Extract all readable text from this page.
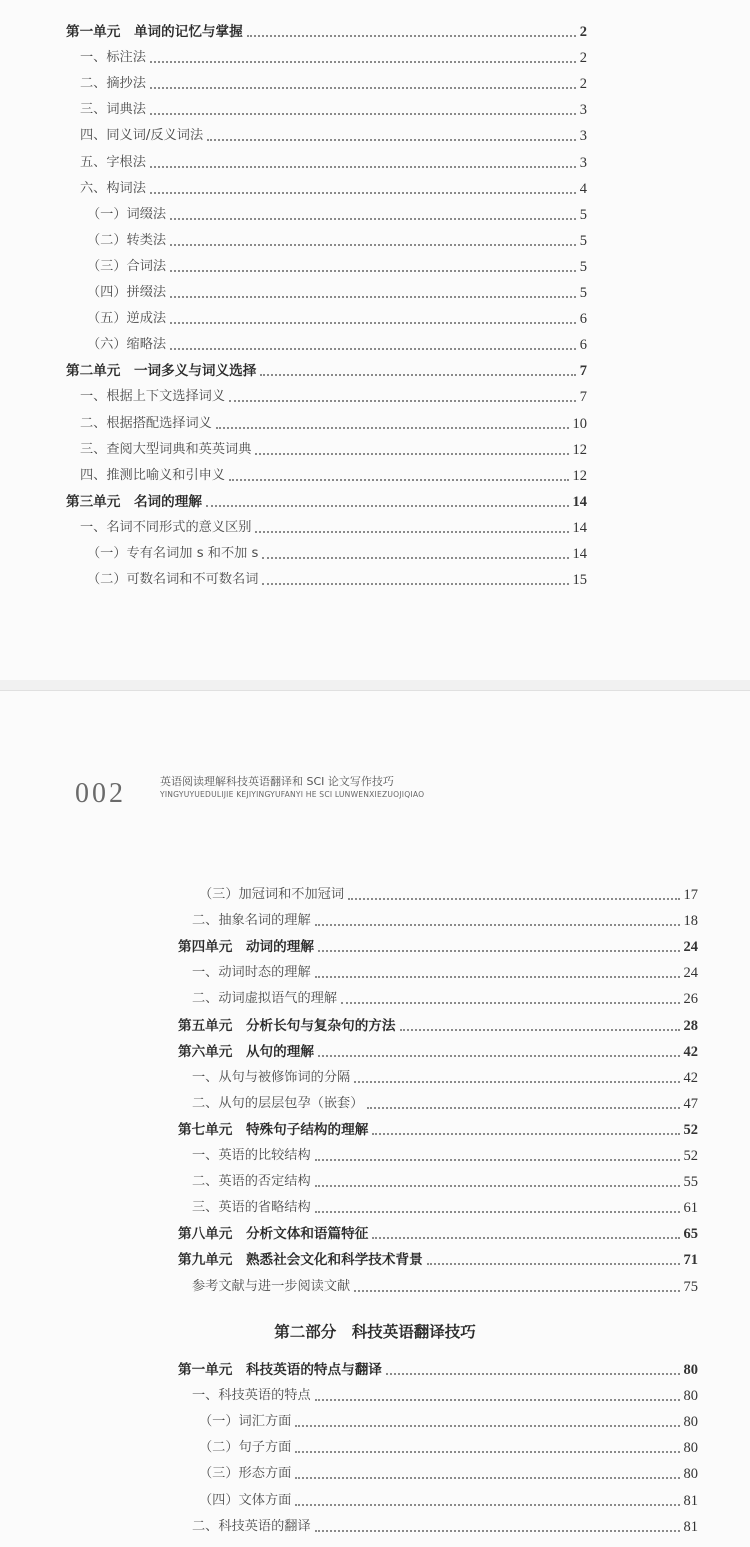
第一单元　单词的记忆与掌握	2
一、标注法	2
二、摘抄法	2
三、词典法	3
四、同义词/反义词法	3
五、字根法	3
六、构词法	4
（一）词缀法	5
（二）转类法	5
（三）合词法	5
（四）拼缀法	5
（五）逆成法	6
（六）缩略法	6
第二单元　一词多义与词义选择	7
一、根据上下文选择词义	7
二、根据搭配选择词义	10
三、查阅大型词典和英英词典	12
四、推测比喻义和引申义	12
第三单元　名词的理解	14
一、名词不同形式的意义区别	14
（一）专有名词加 s 和不加 s	14
（二）可数名词和不可数名词	15
002	英语阅读理解科技英语翻译和 SCI 论文写作技巧
YINGYUYUEDULIJIE KEJIYINGYUFANYI HE SCI LUNWENXIEZUOJIQIAO
（三）加冠词和不加冠词	17
二、抽象名词的理解	18
第四单元　动词的理解	24
一、动词时态的理解	24
二、动词虚拟语气的理解	26
第五单元　分析长句与复杂句的方法	28
第六单元　从句的理解	42
一、从句与被修饰词的分隔	42
二、从句的层层包孕（嵌套）	47
第七单元　特殊句子结构的理解	52
一、英语的比较结构	52
二、英语的否定结构	55
三、英语的省略结构	61
第八单元　分析文体和语篇特征	65
第九单元　熟悉社会文化和科学技术背景	71
参考文献与进一步阅读文献	75
第二部分　科技英语翻译技巧
第一单元　科技英语的特点与翻译	80
一、科技英语的特点	80
（一）词汇方面	80
（二）句子方面	80
（三）形态方面	80
（四）文体方面	81
二、科技英语的翻译	81
